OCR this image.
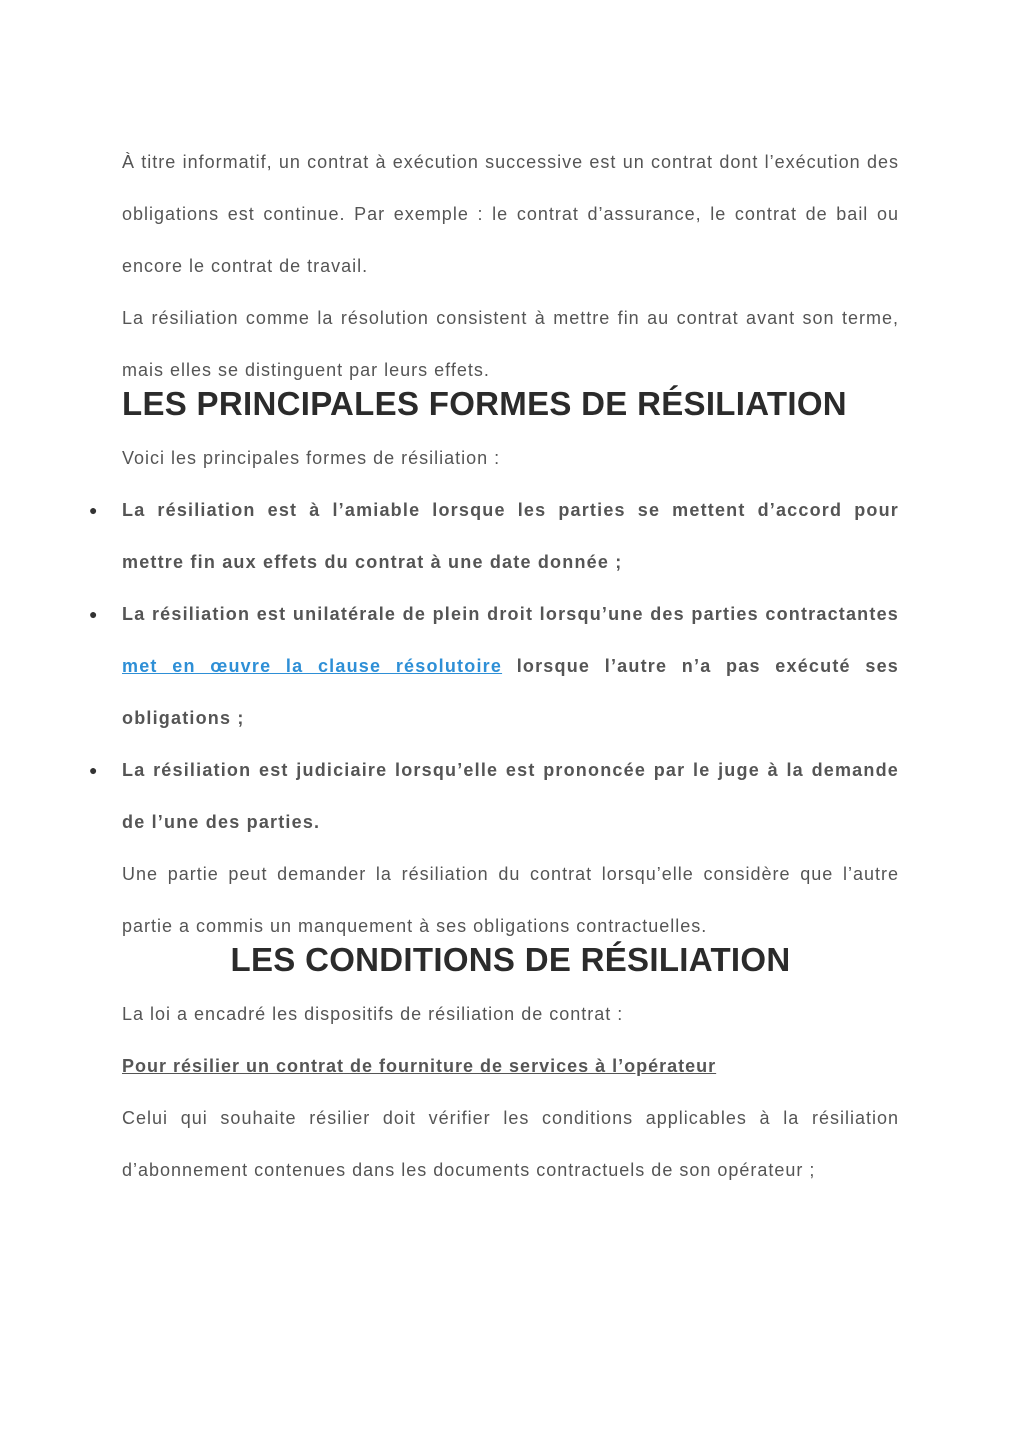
À titre informatif, un contrat à exécution successive est un contrat dont l’exécution des obligations est continue. Par exemple : le contrat d’assurance, le contrat de bail ou encore le contrat de travail.

La résiliation comme la résolution consistent à mettre fin au contrat avant son terme, mais elles se distinguent par leurs effets.

LES PRINCIPALES FORMES DE RÉSILIATION

Voici les principales formes de résiliation :

● La résiliation est à l’amiable lorsque les parties se mettent d’accord pour mettre fin aux effets du contrat à une date donnée ;
● La résiliation est unilatérale de plein droit lorsqu’une des parties contractantes met en œuvre la clause résolutoire lorsque l’autre n’a pas exécuté ses obligations ;
● La résiliation est judiciaire lorsqu’elle est prononcée par le juge à la demande de l’une des parties.

Une partie peut demander la résiliation du contrat lorsqu’elle considère que l’autre partie a commis un manquement à ses obligations contractuelles.

LES CONDITIONS DE RÉSILIATION

La loi a encadré les dispositifs de résiliation de contrat :

Pour résilier un contrat de fourniture de services à l’opérateur

Celui qui souhaite résilier doit vérifier les conditions applicables à la résiliation d’abonnement contenues dans les documents contractuels de son opérateur ;
